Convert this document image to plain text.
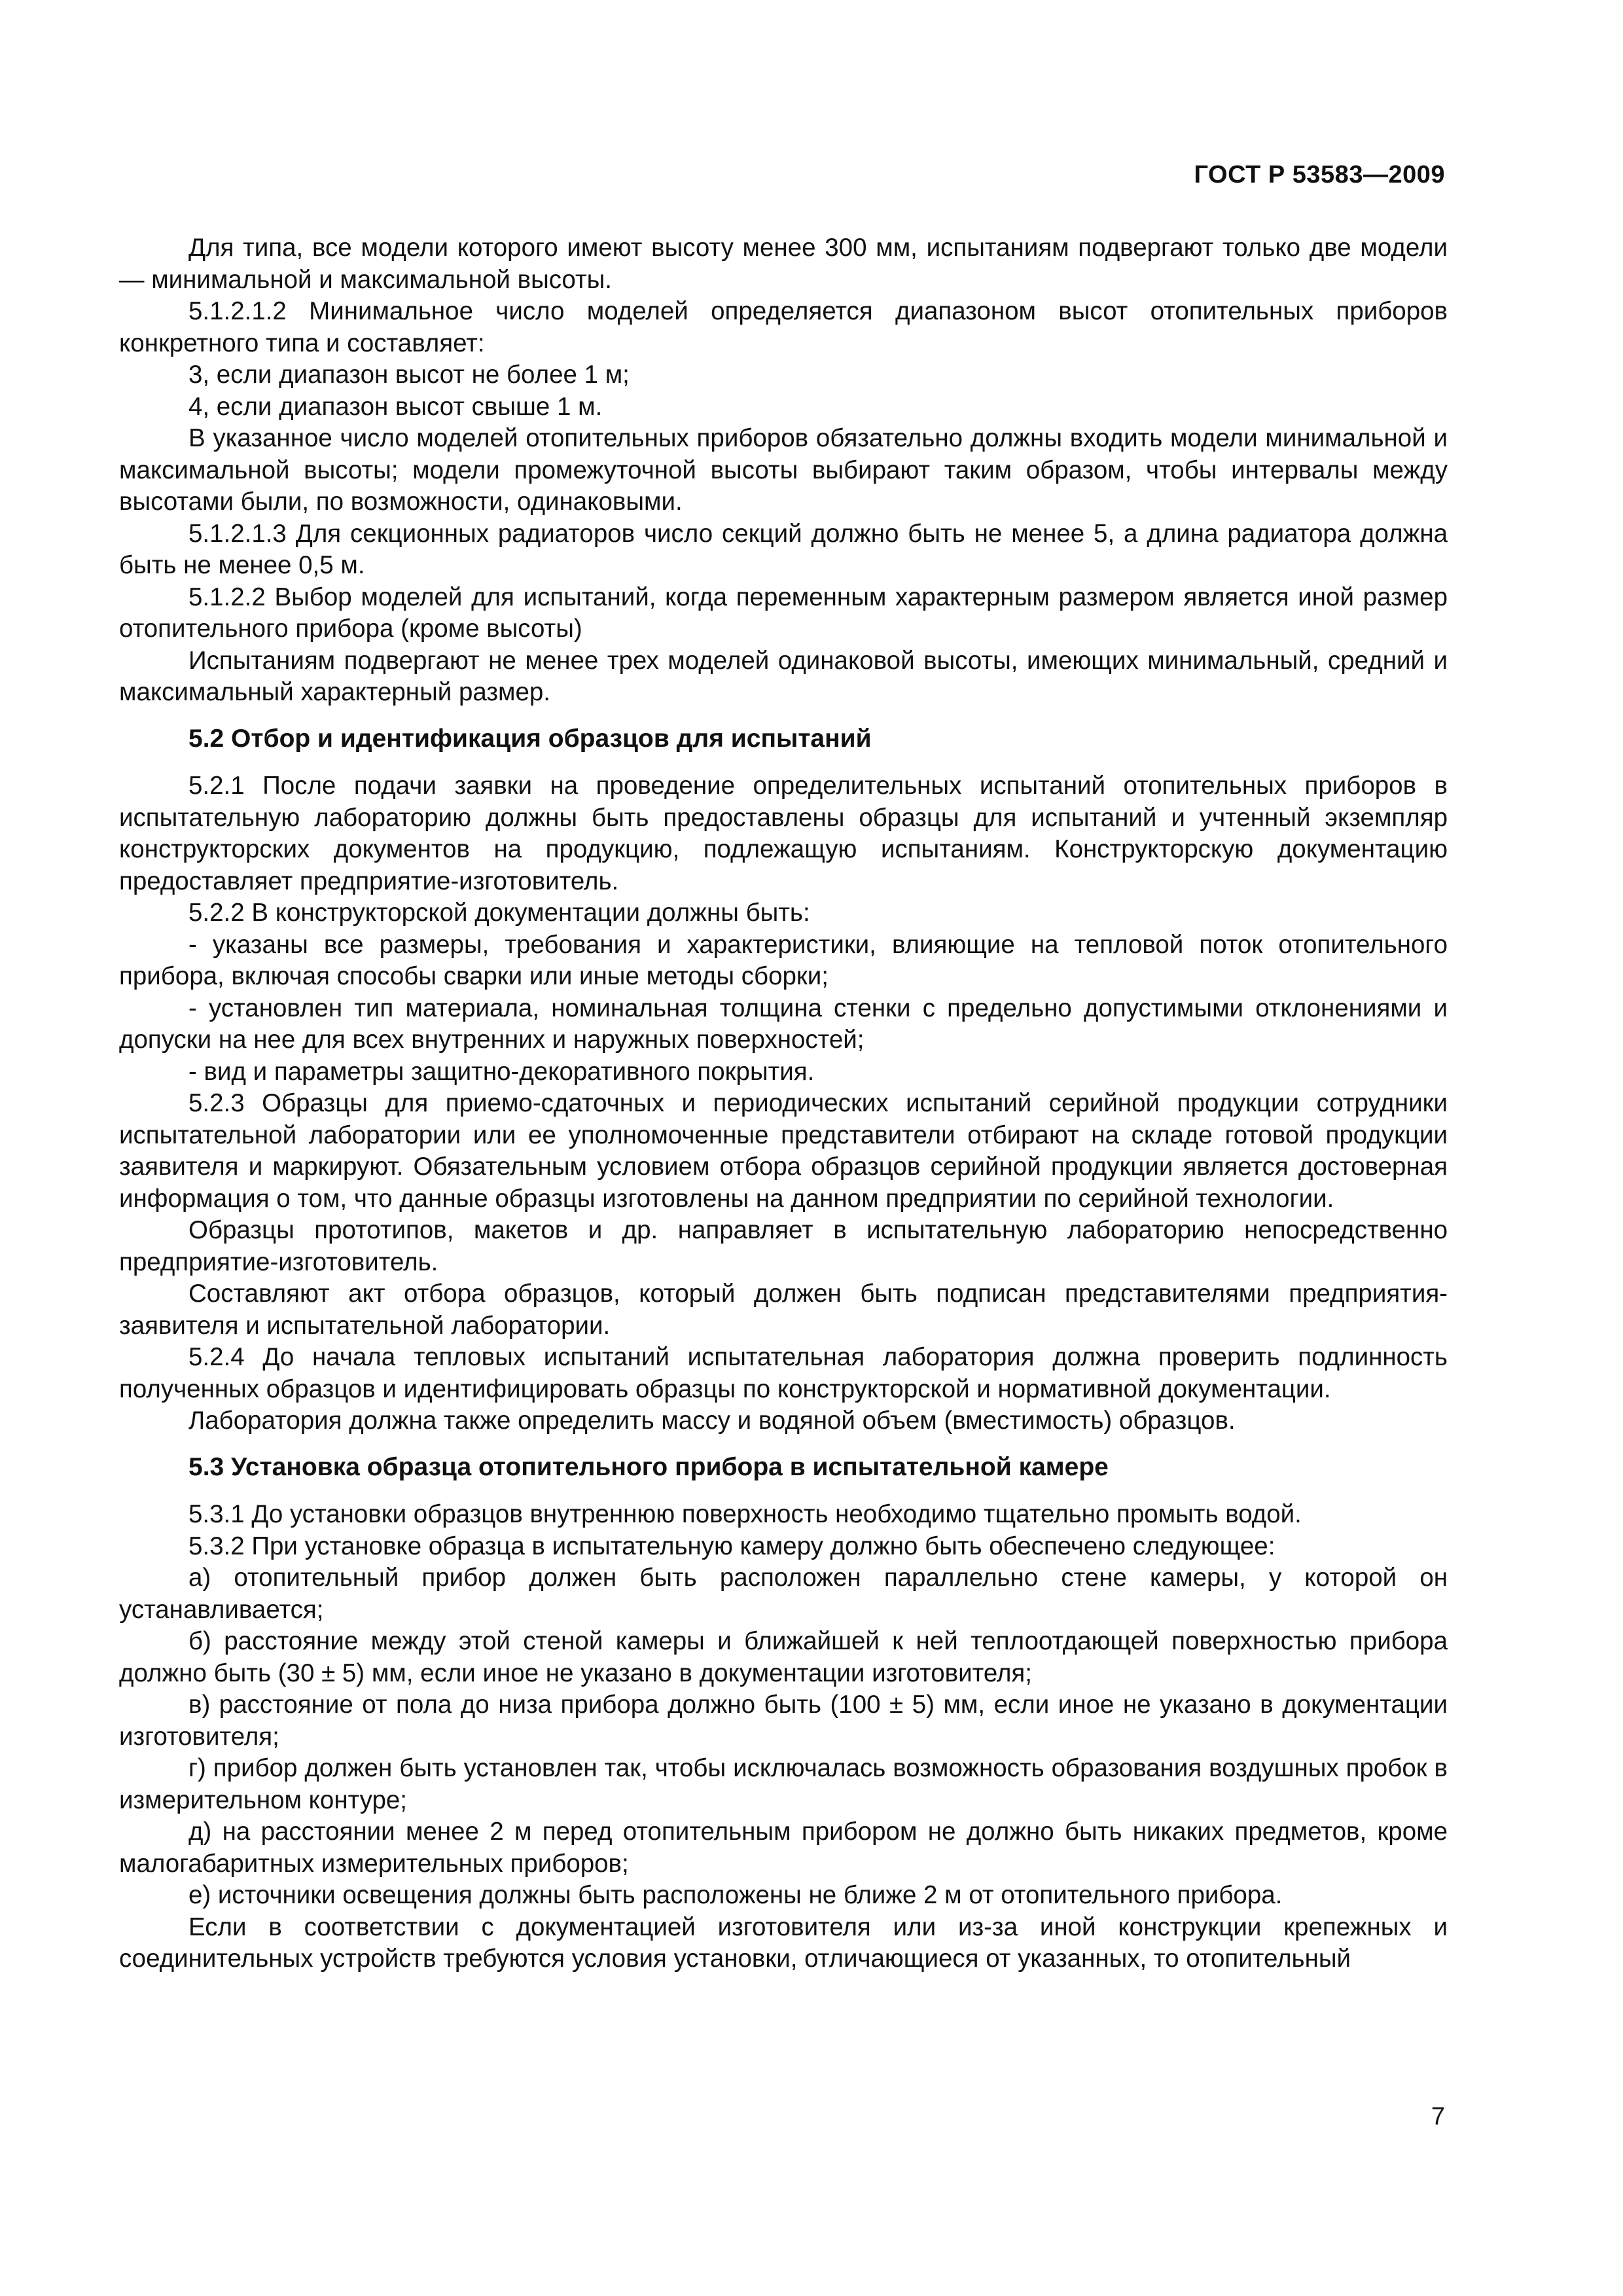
ГОСТ Р 53583—2009

Для типа, все модели которого имеют высоту менее 300 мм, испытаниям подвергают только две модели — минимальной и максимальной высоты.

5.1.2.1.2 Минимальное число моделей определяется диапазоном высот отопительных приборов конкретного типа и составляет:

3, если диапазон высот не более 1 м;

4, если диапазон высот свыше 1 м.

В указанное число моделей отопительных приборов обязательно должны входить модели минимальной и максимальной высоты; модели промежуточной высоты выбирают таким образом, чтобы интервалы между высотами были, по возможности, одинаковыми.

5.1.2.1.3 Для секционных радиаторов число секций должно быть не менее 5, а длина радиатора должна быть не менее 0,5 м.

5.1.2.2 Выбор моделей для испытаний, когда переменным характерным размером является иной размер отопительного прибора (кроме высоты)

Испытаниям подвергают не менее трех моделей одинаковой высоты, имеющих минимальный, средний и максимальный характерный размер.

5.2 Отбор и идентификация образцов для испытаний

5.2.1 После подачи заявки на проведение определительных испытаний отопительных приборов в испытательную лабораторию должны быть предоставлены образцы для испытаний и учтенный экземпляр конструкторских документов на продукцию, подлежащую испытаниям. Конструкторскую документацию предоставляет предприятие-изготовитель.

5.2.2 В конструкторской документации должны быть:

- указаны все размеры, требования и характеристики, влияющие на тепловой поток отопительного прибора, включая способы сварки или иные методы сборки;

- установлен тип материала, номинальная толщина стенки с предельно допустимыми отклонениями и допуски на нее для всех внутренних и наружных поверхностей;

- вид и параметры защитно-декоративного покрытия.

5.2.3 Образцы для приемо-сдаточных и периодических испытаний серийной продукции сотрудники испытательной лаборатории или ее уполномоченные представители отбирают на складе готовой продукции заявителя и маркируют. Обязательным условием отбора образцов серийной продукции является достоверная информация о том, что данные образцы изготовлены на данном предприятии по серийной технологии.

Образцы прототипов, макетов и др. направляет в испытательную лабораторию непосредственно предприятие-изготовитель.

Составляют акт отбора образцов, который должен быть подписан представителями предприятия-заявителя и испытательной лаборатории.

5.2.4 До начала тепловых испытаний испытательная лаборатория должна проверить подлинность полученных образцов и идентифицировать образцы по конструкторской и нормативной документации.

Лаборатория должна также определить массу и водяной объем (вместимость) образцов.

5.3 Установка образца отопительного прибора в испытательной камере

5.3.1 До установки образцов внутреннюю поверхность необходимо тщательно промыть водой.

5.3.2 При установке образца в испытательную камеру должно быть обеспечено следующее:

а) отопительный прибор должен быть расположен параллельно стене камеры, у которой он устанавливается;

б) расстояние между этой стеной камеры и ближайшей к ней теплоотдающей поверхностью прибора должно быть (30 ± 5) мм, если иное не указано в документации изготовителя;

в) расстояние от пола до низа прибора должно быть (100 ± 5) мм, если иное не указано в документации изготовителя;

г) прибор должен быть установлен так, чтобы исключалась возможность образования воздушных пробок в измерительном контуре;

д) на расстоянии менее 2 м перед отопительным прибором не должно быть никаких предметов, кроме малогабаритных измерительных приборов;

е) источники освещения должны быть расположены не ближе 2 м от отопительного прибора.

Если в соответствии с документацией изготовителя или из-за иной конструкции крепежных и соединительных устройств требуются условия установки, отличающиеся от указанных, то отопительный

7
